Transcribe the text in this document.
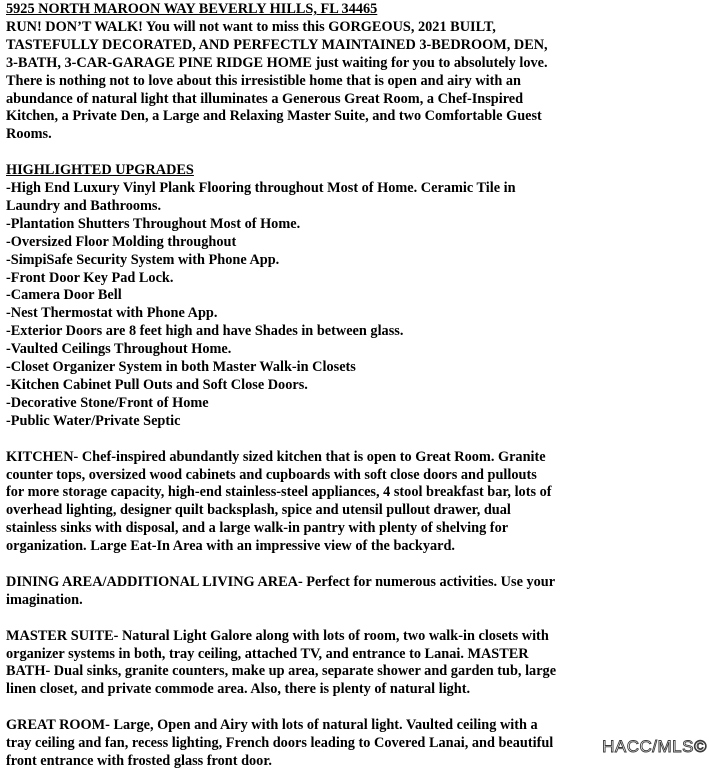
5925 NORTH MAROON WAY BEVERLY HILLS, FL 34465
RUN! DON’T WALK! You will not want to miss this GORGEOUS, 2021 BUILT,
TASTEFULLY DECORATED, AND PERFECTLY MAINTAINED 3-BEDROOM, DEN,
3-BATH, 3-CAR-GARAGE PINE RIDGE HOME just waiting for you to absolutely love.
There is nothing not to love about this irresistible home that is open and airy with an
abundance of natural light that illuminates a Generous Great Room, a Chef-Inspired
Kitchen, a Private Den, a Large and Relaxing Master Suite, and two Comfortable Guest
Rooms.
HIGHLIGHTED UPGRADES
-High End Luxury Vinyl Plank Flooring throughout Most of Home. Ceramic Tile in
Laundry and Bathrooms.
-Plantation Shutters Throughout Most of Home.
-Oversized Floor Molding throughout
-SimpiSafe Security System with Phone App.
-Front Door Key Pad Lock.
-Camera Door Bell
-Nest Thermostat with Phone App.
-Exterior Doors are 8 feet high and have Shades in between glass.
-Vaulted Ceilings Throughout Home.
-Closet Organizer System in both Master Walk-in Closets
-Kitchen Cabinet Pull Outs and Soft Close Doors.
-Decorative Stone/Front of Home
-Public Water/Private Septic
KITCHEN- Chef-inspired abundantly sized kitchen that is open to Great Room. Granite
counter tops, oversized wood cabinets and cupboards with soft close doors and pullouts
for more storage capacity, high-end stainless-steel appliances, 4 stool breakfast bar, lots of
overhead lighting, designer quilt backsplash, spice and utensil pullout drawer, dual
stainless sinks with disposal, and a large walk-in pantry with plenty of shelving for
organization. Large Eat-In Area with an impressive view of the backyard.
DINING AREA/ADDITIONAL LIVING AREA- Perfect for numerous activities. Use your
imagination.
MASTER SUITE- Natural Light Galore along with lots of room, two walk-in closets with
organizer systems in both, tray ceiling, attached TV, and entrance to Lanai. MASTER
BATH- Dual sinks, granite counters, make up area, separate shower and garden tub, large
linen closet, and private commode area. Also, there is plenty of natural light.
GREAT ROOM- Large, Open and Airy with lots of natural light. Vaulted ceiling with a
tray ceiling and fan, recess lighting, French doors leading to Covered Lanai, and beautiful
front entrance with frosted glass front door.
HACC/MLS©
